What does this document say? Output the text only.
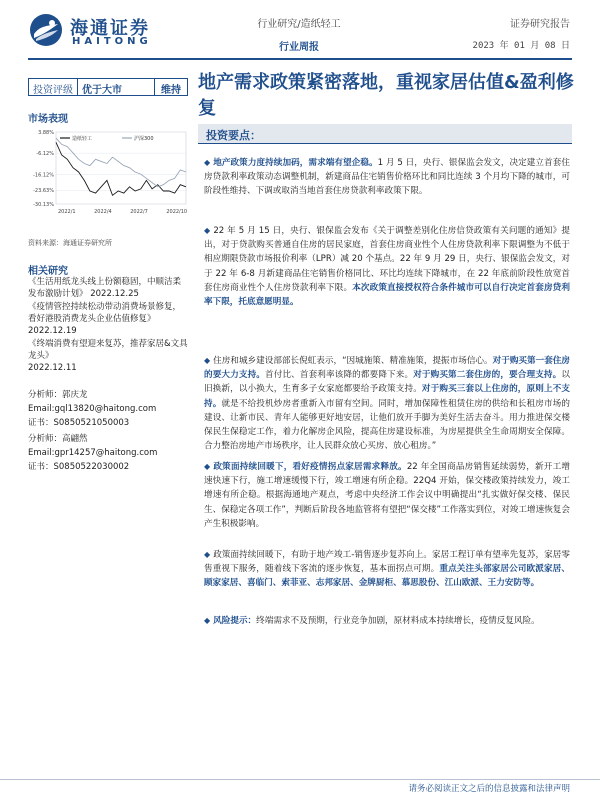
海通证券
HAITONG
行业研究/造纸轻工
行业周报
证券研究报告
2023 年 01 月 08 日
投资评级 优于大市	维持 地产需求政策紧密落地，重视家居估值&盈利修复
市场表现
3.88%
-6.12%
-16.12%
-23.63%
-30.13%
2022/1	2022/4	2022/7	2022/10
造纸轻工	沪深300
资料来源：海通证券研究所
相关研究
《生活用纸龙头线上份额稳固，中顺洁柔发布激励计划》 2022.12.25
《疫情管控持续松动带动消费场景修复，看好港股消费龙头企业估值修复》
2022.12.19
《终端消费有望迎来复苏，推荐家居&文具龙头》
2022.12.11
分析师：郭庆龙
Email:gql13820@haitong.com
证书：S0850521050003
分析师：高翩然
Email:gpr14257@haitong.com
证书：S0850522030002
投资要点：
◆ 地产政策力度持续加码，需求端有望企稳。1 月 5 日，央行、银保监会发文，决定建立首套住房贷款利率政策动态调整机制，新建商品住宅销售价格环比和同比连续 3 个月均下降的城市，可阶段性维持、下调或取消当地首套住房贷款利率政策下限。
◆ 22 年 5 月 15 日，央行、银保监会发布《关于调整差别化住房信贷政策有关问题的通知》提出，对于贷款购买普通自住房的居民家庭，首套住房商业性个人住房贷款利率下限调整为不低于相应期限贷款市场报价利率（LPR）减 20 个基点。22 年 9 月 29 日，央行、银保监会发文，对于 22 年 6-8 月新建商品住宅销售价格同比、环比均连续下降城市，在 22 年底前阶段性放宽首套住房商业性个人住房贷款利率下限。本次政策直接授权符合条件城市可以自行决定首套房贷利率下限，托底意愿明显。
◆ 住房和城乡建设部部长倪虹表示，“因城施策、精准施策，提振市场信心。对于购买第一套住房的要大力支持。首付比、首套利率该降的都要降下来。对于购买第二套住房的，要合理支持。以旧换新，以小换大，生育多子女家庭都要给予政策支持。对于购买三套以上住房的，原则上不支持。就是不给投机炒房者重新入市留有空间。同时，增加保障性租赁住房的供给和长租房市场的建设、让新市民、青年人能够更好地安居，让他们放开手脚为美好生活去奋斗。用力推进保交楼保民生保稳定工作，着力化解房企风险，提高住房建设标准，为房屋提供全生命周期安全保障。合力整治房地产市场秩序，让人民群众放心买房、放心租房。”
◆ 政策面持续回暖下，看好疫情拐点家居需求释放。22 年全国商品房销售延续弱势，新开工增速快速下行，施工增速缓慢下行，竣工增速有所企稳。22Q4 开始，保交楼政策持续发力，竣工增速有所企稳。根据海通地产观点，考虑中央经济工作会议中明确提出“扎实做好保交楼、保民生、保稳定各项工作”，判断后阶段各地监管将有望把“保交楼”工作落实到位，对竣工增速恢复会产生积极影响。
◆ 政策面持续回暖下，有助于地产竣工-销售逐步复苏向上。家居工程订单有望率先复苏，家居零售重视下服务，随着线下客流的逐步恢复，基本面拐点可期。重点关注头部家居公司欧派家居、顾家家居、喜临门、索菲亚、志邦家居、金牌厨柜、慕思股份、江山欧派、王力安防等。
◆ 风险提示：终端需求不及预期，行业竞争加剧，原材料成本持续增长，疫情反复风险。
请务必阅读正文之后的信息披露和法律声明
